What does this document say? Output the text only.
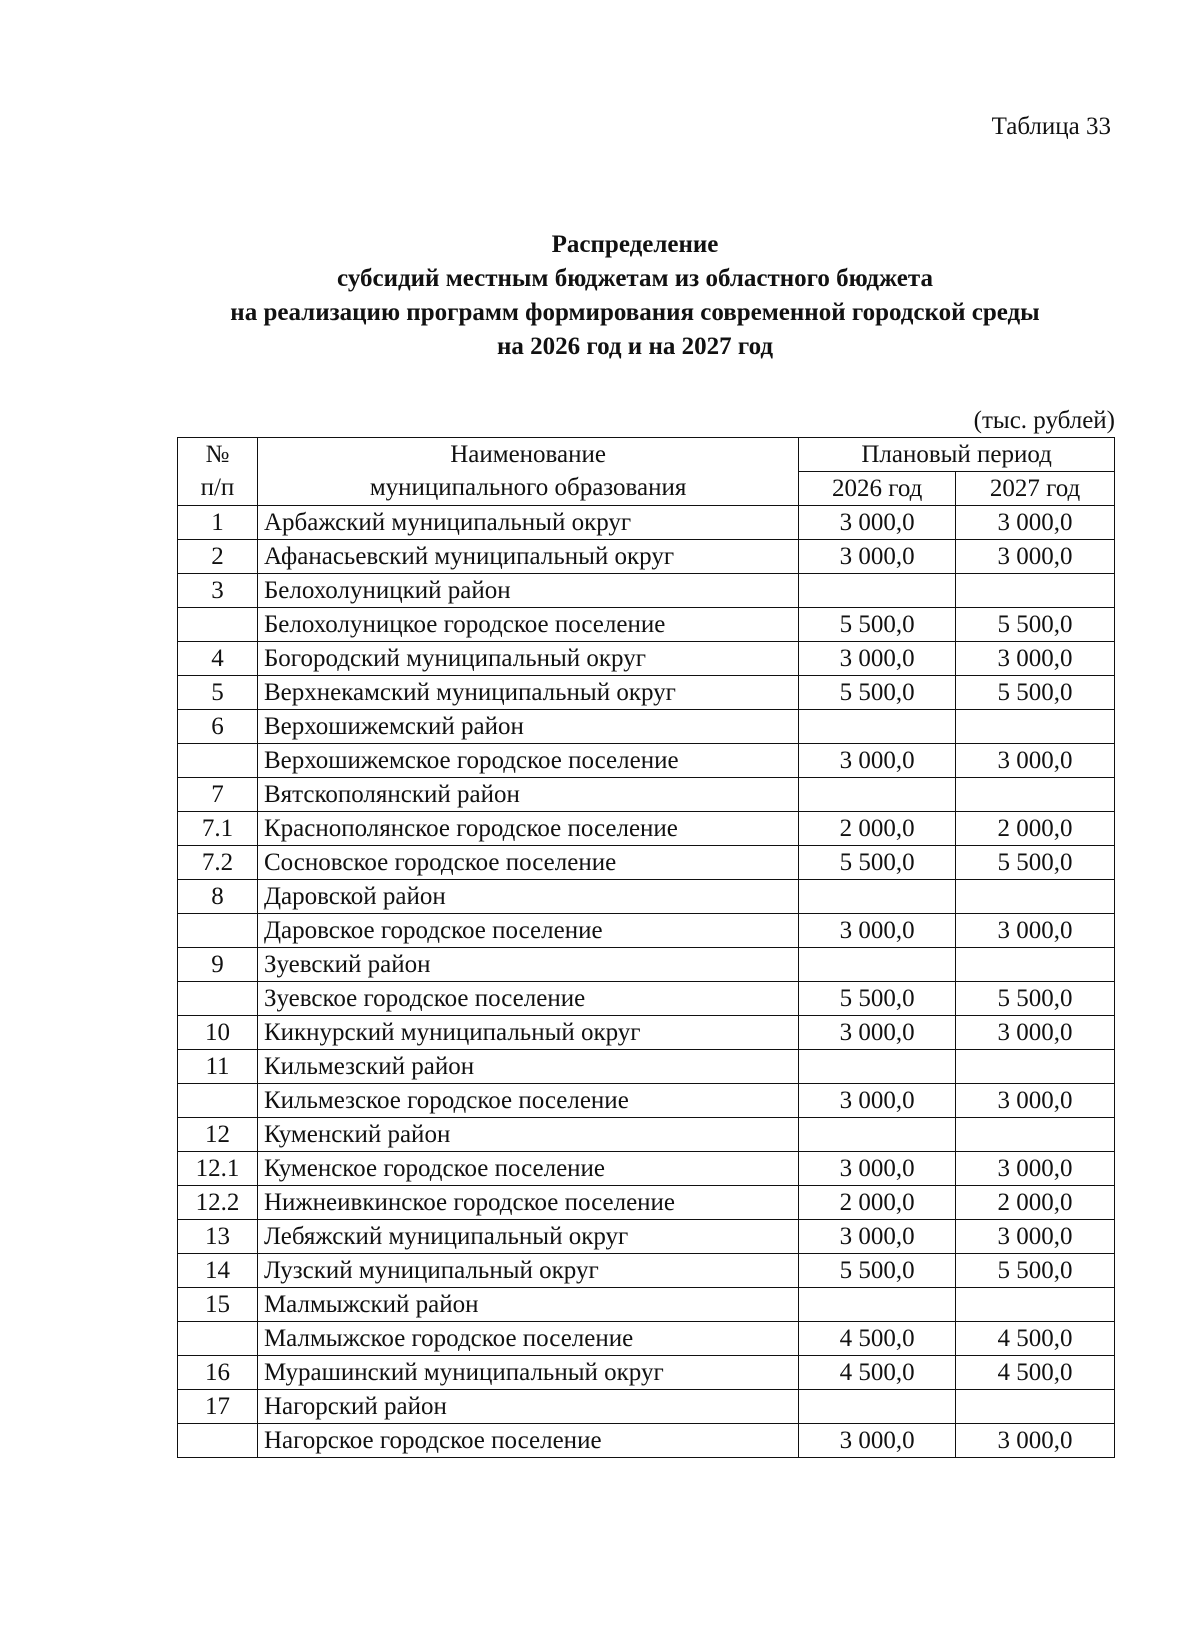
Таблица 33
Распределение
субсидий местным бюджетам из областного бюджета
на реализацию программ формирования современной городской среды
на 2026 год и на 2027 год
(тыс. рублей)
№	Наименование	Плановый период	
п/п	муниципального образования	2026 год	2027 год
1	Арбажский муниципальный округ	3 000,0	3 000,0
2	Афанасьевский муниципальный округ	3 000,0	3 000,0
3	Белохолуницкий район		
	Белохолуницкое городское поселение	5 500,0	5 500,0
4	Богородский муниципальный округ	3 000,0	3 000,0
5	Верхнекамский муниципальный округ	5 500,0	5 500,0
6	Верхошижемский район		
	Верхошижемское городское поселение	3 000,0	3 000,0
7	Вятскополянский район		
7.1	Краснополянское городское поселение	2 000,0	2 000,0
7.2	Сосновское городское поселение	5 500,0	5 500,0
8	Даровской район		
	Даровское городское поселение	3 000,0	3 000,0
9	Зуевский район		
	Зуевское городское поселение	5 500,0	5 500,0
10	Кикнурский муниципальный округ	3 000,0	3 000,0
11	Кильмезский район		
	Кильмезское городское поселение	3 000,0	3 000,0
12	Куменский район		
12.1	Куменское городское поселение	3 000,0	3 000,0
12.2	Нижнеивкинское городское поселение	2 000,0	2 000,0
13	Лебяжский муниципальный округ	3 000,0	3 000,0
14	Лузский муниципальный округ	5 500,0	5 500,0
15	Малмыжский район		
	Малмыжское городское поселение	4 500,0	4 500,0
16	Мурашинский муниципальный округ	4 500,0	4 500,0
17	Нагорский район		
	Нагорское городское поселение	3 000,0	3 000,0
